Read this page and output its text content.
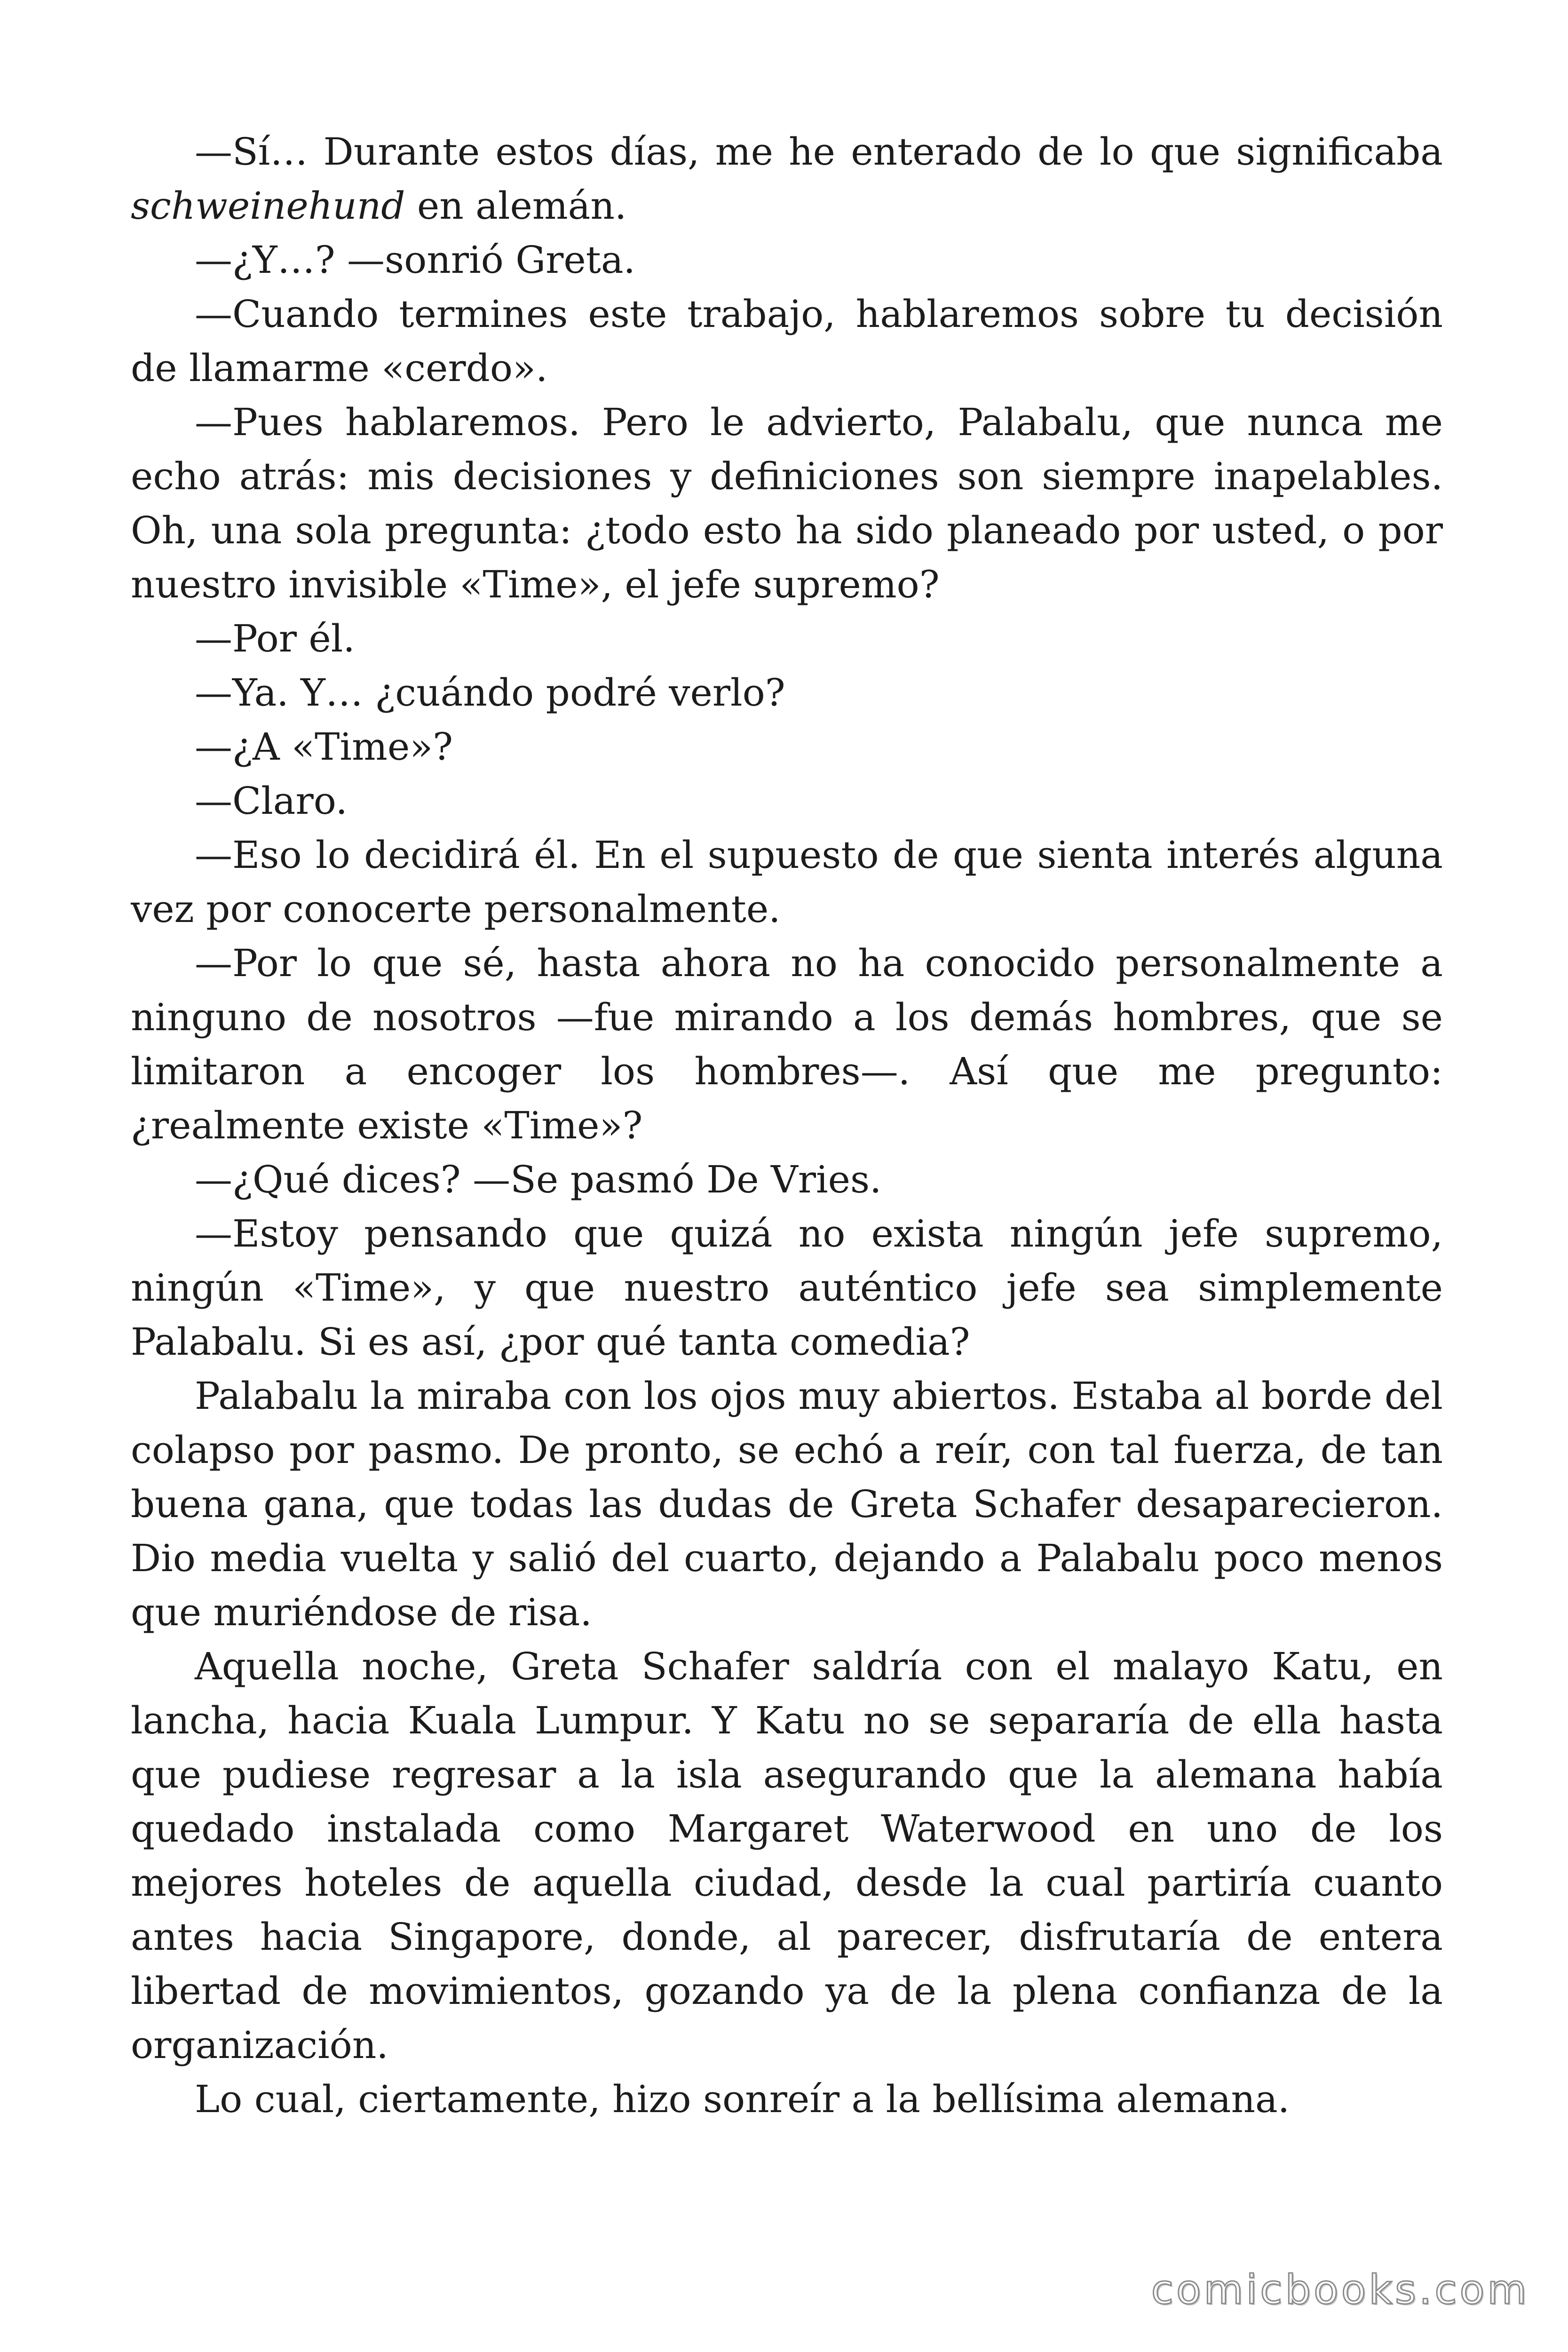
—Sí… Durante estos días, me he enterado de lo que significaba schweinehund en alemán.

—¿Y…? —sonrió Greta.

—Cuando termines este trabajo, hablaremos sobre tu decisión de llamarme «cerdo».

—Pues hablaremos. Pero le advierto, Palabalu, que nunca me echo atrás: mis decisiones y definiciones son siempre inapelables. Oh, una sola pregunta: ¿todo esto ha sido planeado por usted, o por nuestro invisible «Time», el jefe supremo?

—Por él.

—Ya. Y… ¿cuándo podré verlo?

—¿A «Time»?

—Claro.

—Eso lo decidirá él. En el supuesto de que sienta interés alguna vez por conocerte personalmente.

—Por lo que sé, hasta ahora no ha conocido personalmente a ninguno de nosotros —fue mirando a los demás hombres, que se limitaron a encoger los hombres—. Así que me pregunto: ¿realmente existe «Time»?

—¿Qué dices? —Se pasmó De Vries.

—Estoy pensando que quizá no exista ningún jefe supremo, ningún «Time», y que nuestro auténtico jefe sea simplemente Palabalu. Si es así, ¿por qué tanta comedia?

Palabalu la miraba con los ojos muy abiertos. Estaba al borde del colapso por pasmo. De pronto, se echó a reír, con tal fuerza, de tan buena gana, que todas las dudas de Greta Schafer desaparecieron. Dio media vuelta y salió del cuarto, dejando a Palabalu poco menos que muriéndose de risa.

Aquella noche, Greta Schafer saldría con el malayo Katu, en lancha, hacia Kuala Lumpur. Y Katu no se separaría de ella hasta que pudiese regresar a la isla asegurando que la alemana había quedado instalada como Margaret Waterwood en uno de los mejores hoteles de aquella ciudad, desde la cual partiría cuanto antes hacia Singapore, donde, al parecer, disfrutaría de entera libertad de movimientos, gozando ya de la plena confianza de la organización.

Lo cual, ciertamente, hizo sonreír a la bellísima alemana.

comicbooks.com
